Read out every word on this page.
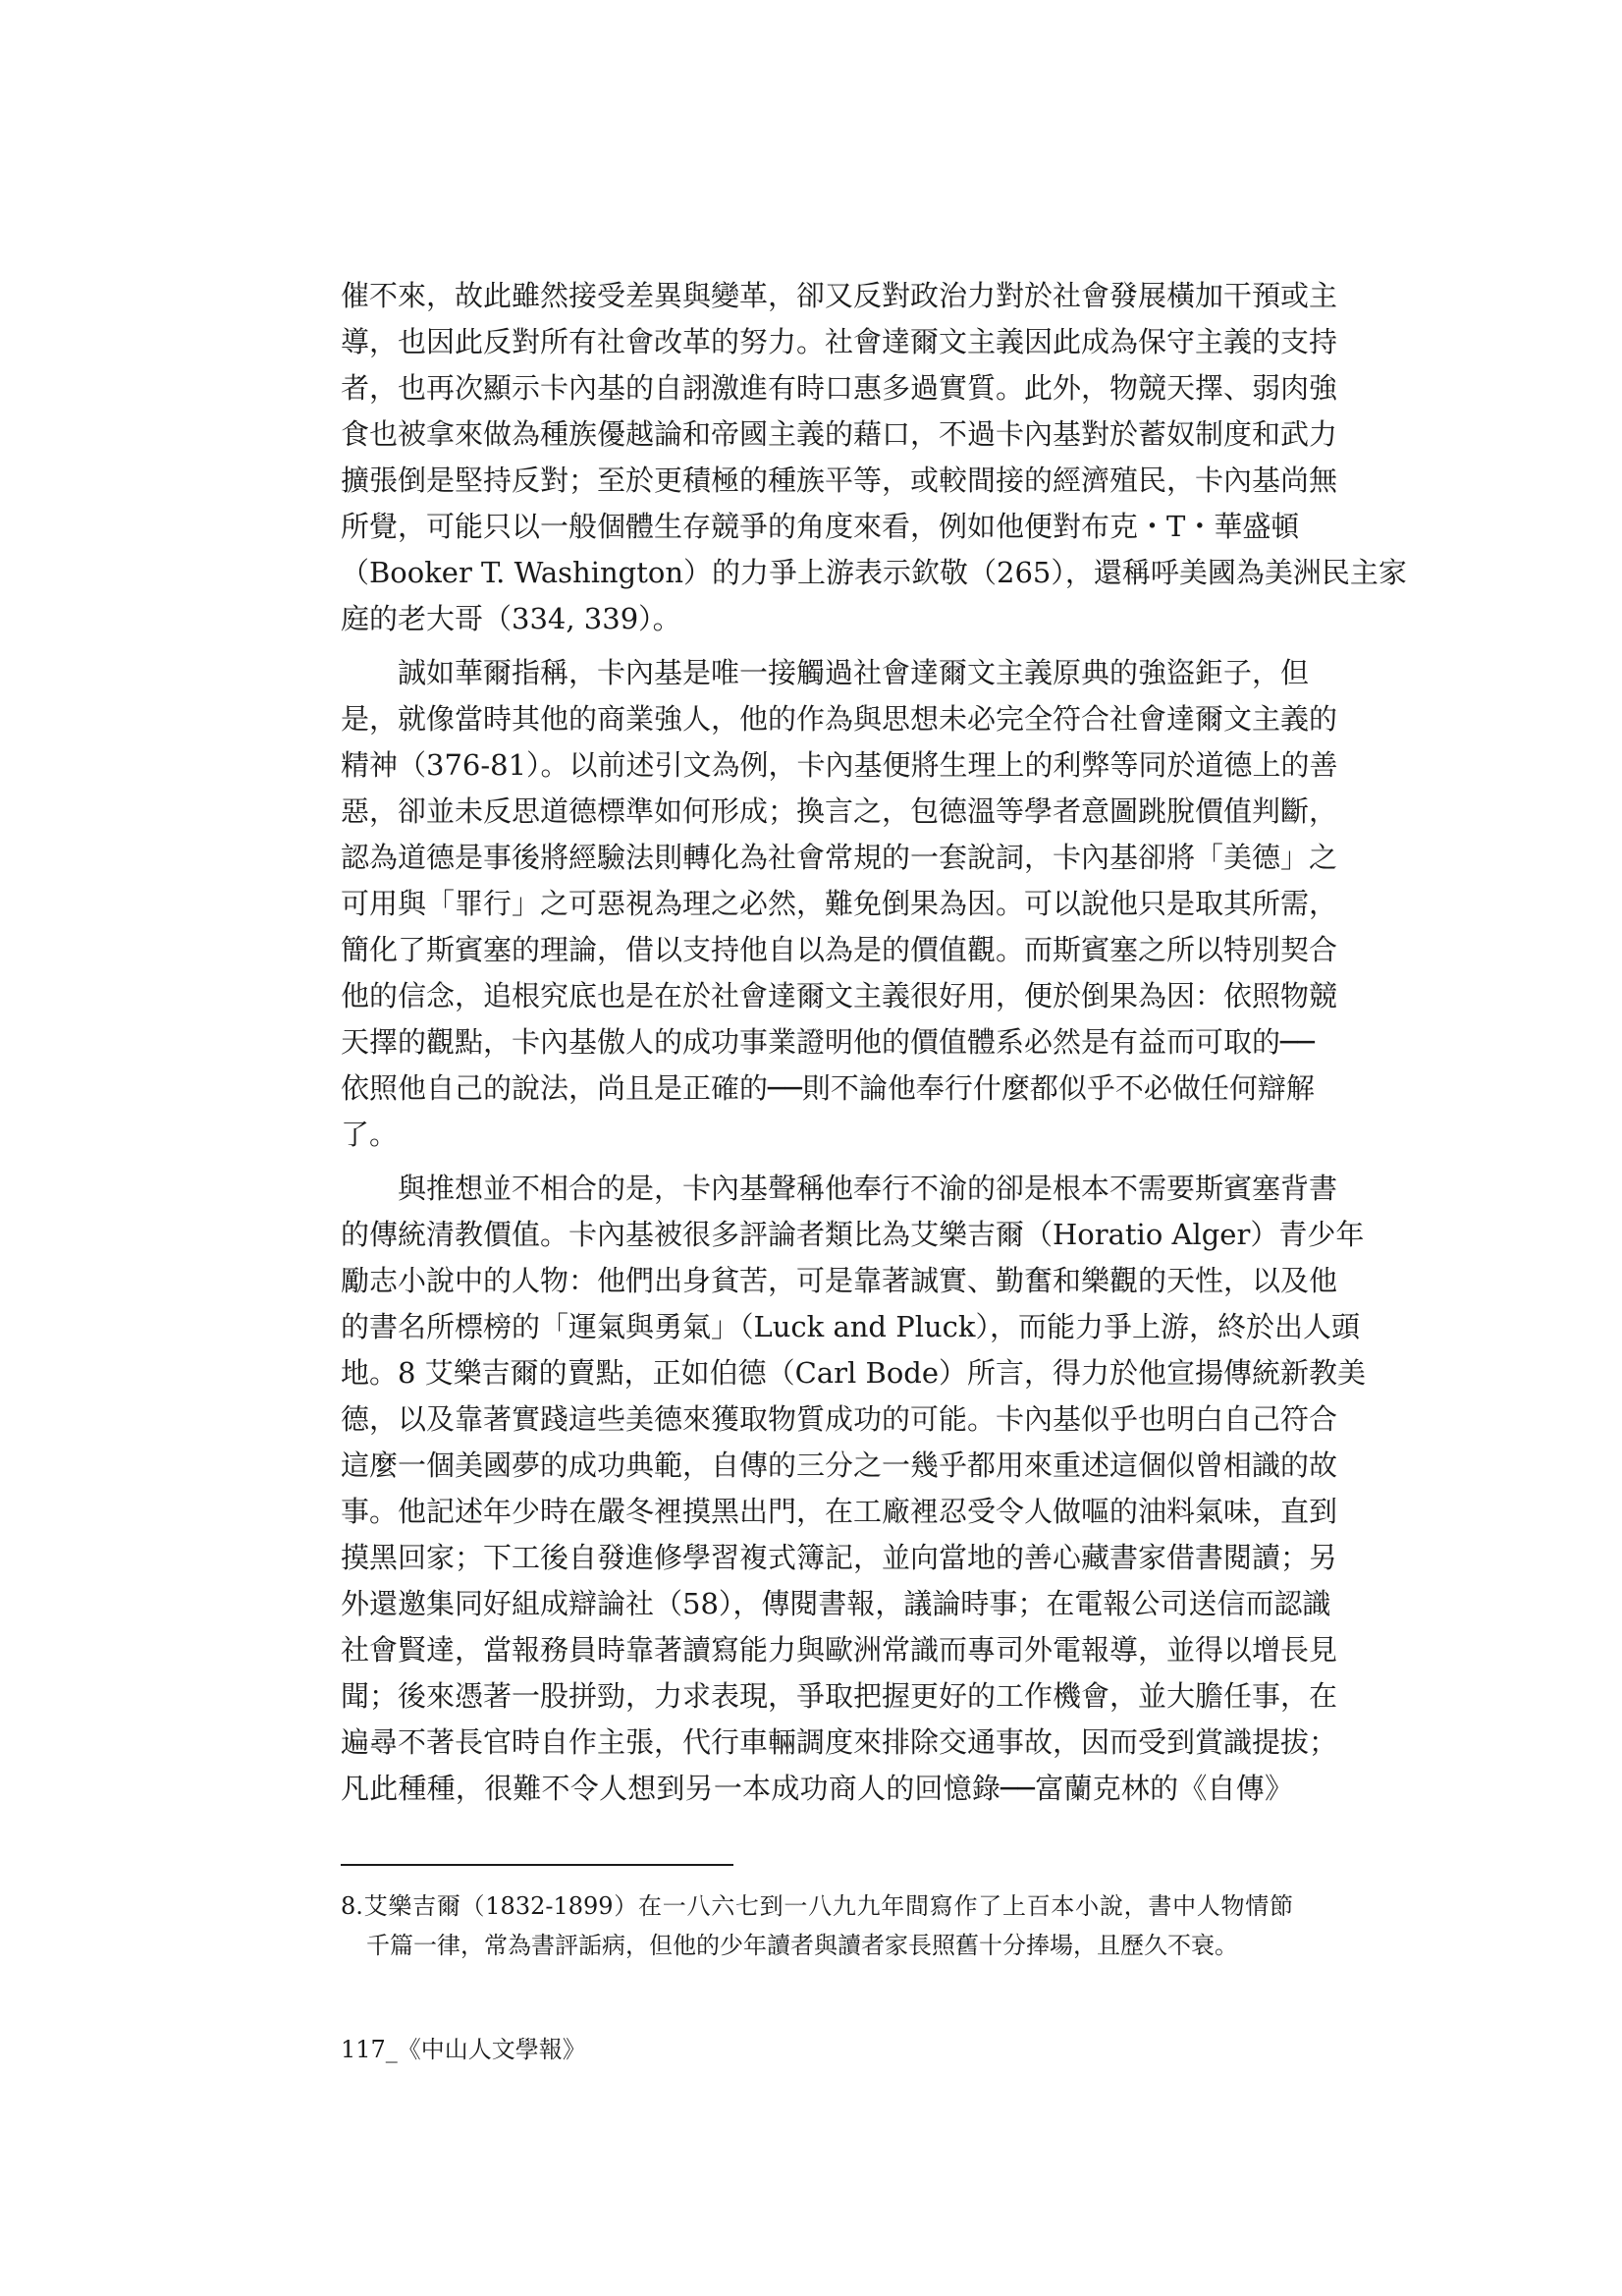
催不來，故此雖然接受差異與變革，卻又反對政治力對於社會發展橫加干預或主

導，也因此反對所有社會改革的努力。社會達爾文主義因此成為保守主義的支持

者，也再次顯示卡內基的自詡激進有時口惠多過實質。此外，物競天擇、弱肉強

食也被拿來做為種族優越論和帝國主義的藉口，不過卡內基對於蓄奴制度和武力

擴張倒是堅持反對；至於更積極的種族平等，或較間接的經濟殖民，卡內基尚無

所覺，可能只以一般個體生存競爭的角度來看，例如他便對布克・T・華盛頓

（Booker T. Washington）的力爭上游表示欽敬（265），還稱呼美國為美洲民主家

庭的老大哥（334, 339）。

　　誠如華爾指稱，卡內基是唯一接觸過社會達爾文主義原典的強盜鉅子，但

是，就像當時其他的商業強人，他的作為與思想未必完全符合社會達爾文主義的

精神（376-81）。以前述引文為例，卡內基便將生理上的利弊等同於道德上的善

惡，卻並未反思道德標準如何形成；換言之，包德溫等學者意圖跳脫價值判斷，

認為道德是事後將經驗法則轉化為社會常規的一套說詞，卡內基卻將「美德」之

可用與「罪行」之可惡視為理之必然，難免倒果為因。可以說他只是取其所需，

簡化了斯賓塞的理論，借以支持他自以為是的價值觀。而斯賓塞之所以特別契合

他的信念，追根究底也是在於社會達爾文主義很好用，便於倒果為因：依照物競

天擇的觀點，卡內基傲人的成功事業證明他的價值體系必然是有益而可取的──

依照他自己的說法，尚且是正確的──則不論他奉行什麼都似乎不必做任何辯解

了。

　　與推想並不相合的是，卡內基聲稱他奉行不渝的卻是根本不需要斯賓塞背書

的傳統清教價值。卡內基被很多評論者類比為艾樂吉爾（Horatio Alger）青少年

勵志小說中的人物：他們出身貧苦，可是靠著誠實、勤奮和樂觀的天性，以及他

的書名所標榜的「運氣與勇氣」（Luck and Pluck），而能力爭上游，終於出人頭

地。8 艾樂吉爾的賣點，正如伯德（Carl Bode）所言，得力於他宣揚傳統新教美

德，以及靠著實踐這些美德來獲取物質成功的可能。卡內基似乎也明白自己符合

這麼一個美國夢的成功典範，自傳的三分之一幾乎都用來重述這個似曾相識的故

事。他記述年少時在嚴冬裡摸黑出門，在工廠裡忍受令人做嘔的油料氣味，直到

摸黑回家；下工後自發進修學習複式簿記，並向當地的善心藏書家借書閱讀；另

外還邀集同好組成辯論社（58），傳閱書報，議論時事；在電報公司送信而認識

社會賢達，當報務員時靠著讀寫能力與歐洲常識而專司外電報導，並得以增長見

聞；後來憑著一股拼勁，力求表現，爭取把握更好的工作機會，並大膽任事，在

遍尋不著長官時自作主張，代行車輛調度來排除交通事故，因而受到賞識提拔；

凡此種種，很難不令人想到另一本成功商人的回憶錄──富蘭克林的《自傳》

8.艾樂吉爾（1832-1899）在一八六七到一八九九年間寫作了上百本小說，書中人物情節

千篇一律，常為書評詬病，但他的少年讀者與讀者家長照舊十分捧場，且歷久不衰。

117_《中山人文學報》
